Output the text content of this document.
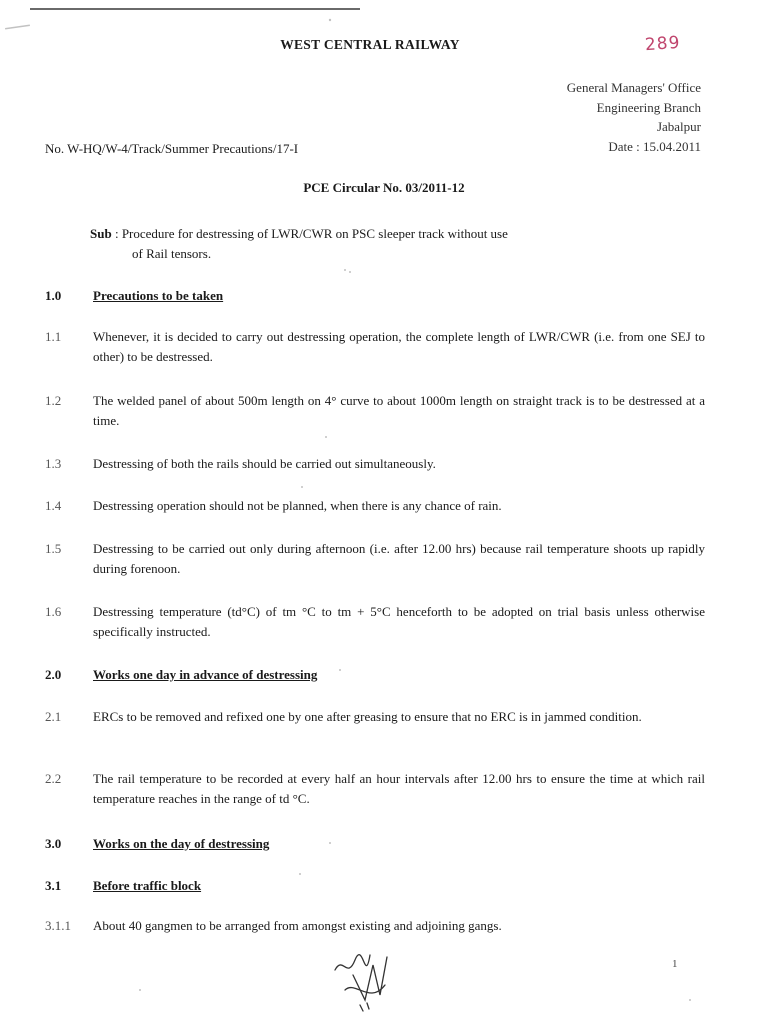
WEST CENTRAL RAILWAY	289
General Managers' Office
Engineering Branch
Jabalpur
Date : 15.04.2011
No. W-HQ/W-4/Track/Summer Precautions/17-I
PCE Circular No. 03/2011-12
Sub : Procedure for destressing of LWR/CWR on PSC sleeper track without use
of Rail tensors.
1.0	Precautions to be taken
1.1	Whenever, it is decided to carry out destressing operation, the complete length of LWR/CWR (i.e. from one SEJ to other) to be destressed.
1.2	The welded panel of about 500m length on 4° curve to about 1000m length on straight track is to be destressed at a time.
1.3	Destressing of both the rails should be carried out simultaneously.
1.4	Destressing operation should not be planned, when there is any chance of rain.
1.5	Destressing to be carried out only during afternoon (i.e. after 12.00 hrs) because rail temperature shoots up rapidly during forenoon.
1.6	Destressing temperature (td°C) of tm °C to tm + 5°C henceforth to be adopted on trial basis unless otherwise specifically instructed.
2.0	Works one day in advance of destressing
2.1	ERCs to be removed and refixed one by one after greasing to ensure that no ERC is in jammed condition.
2.2	The rail temperature to be recorded at every half an hour intervals after 12.00 hrs to ensure the time at which rail temperature reaches in the range of td °C.
3.0	Works on the day of destressing
3.1	Before traffic block
3.1.1	About 40 gangmen to be arranged from amongst existing and adjoining gangs.
1
